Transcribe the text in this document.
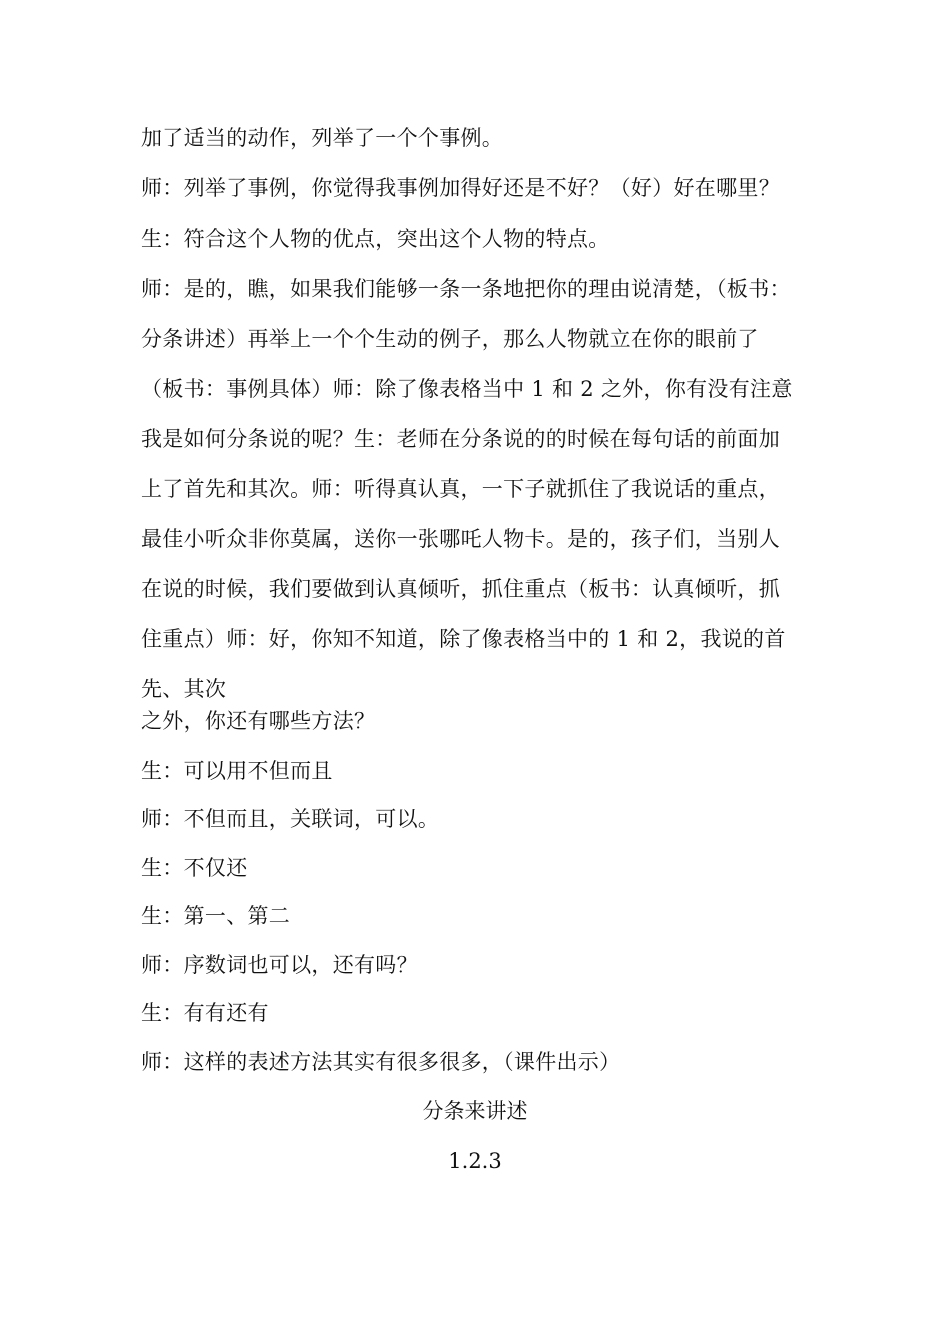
加了适当的动作，列举了一个个事例。
师：列举了事例，你觉得我事例加得好还是不好？（好）好在哪里？
生：符合这个人物的优点，突出这个人物的特点。
师：是的，瞧，如果我们能够一条一条地把你的理由说清楚，（板书：
分条讲述）再举上一个个生动的例子，那么人物就立在你的眼前了
（板书：事例具体）师：除了像表格当中 1 和 2 之外，你有没有注意
我是如何分条说的呢？生：老师在分条说的的时候在每句话的前面加
上了首先和其次。师：听得真认真，一下子就抓住了我说话的重点，
最佳小听众非你莫属，送你一张哪吒人物卡。是的，孩子们，当别人
在说的时候，我们要做到认真倾听，抓住重点（板书：认真倾听，抓
住重点）师：好，你知不知道，除了像表格当中的 1 和 2，我说的首
先、其次
之外，你还有哪些方法？
生：可以用不但而且
师：不但而且，关联词，可以。
生：不仅还
生：第一、第二
师：序数词也可以，还有吗？
生：有有还有
师：这样的表述方法其实有很多很多，（课件出示）
分条来讲述
1.2.3
